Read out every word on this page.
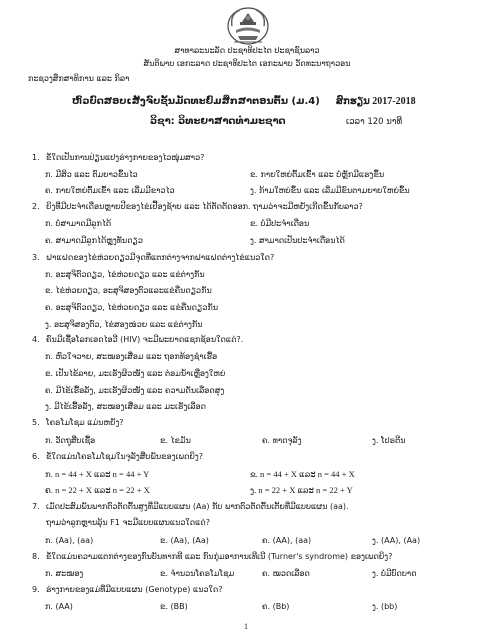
ສາທາລະນະລັດ ປະຊາທິປະໄຕ ປະຊາຊົນລາວ
ສັນຕິພາບ ເອກະລາດ ປະຊາທິປະໄຕ ເອກະພາບ ວັດທະນາຖາວອນ
ກະຊວງສຶກສາທິການ ແລະ ກິລາ
ຫົວບົດສອບເສັງຈົບຊັ້ນມັດທະຍົມສຶກສາຕອນຕົ້ນ (ມ.4) ສົກຮຽນ 2017-2018
ວິຊາ: ວິທະຍາສາດທຳມະຊາດ	ເວລາ 120 ນາທີ
1. ຂໍ້ໃດເປັນການປ່ຽນແປງຮ່າງກາຍຂອງໄວໜຸ່ມສາວ?
ກ. ມີສິວ ແລະ ຕົມຍາວຂຶ້ນໄວ	ຂ. ກາຍໃຫຍ່ຕົ້ມເຂົ້າ ແລະ ບໍ່ຫຼັກມີແຮງຂຶ້ນ
ຄ. ກາຍໃຫຍ່ຕົ້ມເຂົ້າ ແລະ ເລີ່ມມີຂາວໄວ	ງ. ກ້າມໃຫຍ່ຂຶ້ນ ແລະ ເລີ່ມມີຂົນຕາມຍາຍໃຫຍ່ຂຶ້ນ
2. ຍິງທີ່ມີປະຈຳເດືອນຫຼາຍປີຂອງໄຂ່ເປື້ອງຊ້າຍ ແລະ ໄດ້ຕັດຕັດອອກ. ຖາມວ່າຈະມີຫຍັງເກີດຂຶ້ນກັບລາວ?
ກ. ບໍ່ສາມາດມີລູກໄດ້	ຂ. ບໍ່ມີປະຈຳເດືອນ
ຄ. ສາມາດມີລູກໄດ້ຫຼຸງທັນດຽວ	ງ. ສາມາດເປັນປະຈຳເດືອນໄດ້
3. ຝາແຝດຂອງໄຂ່ຫ່ວຍດຽວມີຈຸດທີ່ແຕກຕ່າງຈາກຝາແຝດຕ່າງໄຂ່ແນວໃດ?
ກ. ອະສຸຈິຕົວດຽວ, ໄຂ່ຫ່ວຍດຽວ ແລະ ແຂ່ຕ່າງກັນ
ຂ. ໄຂ່ຫ່ວຍດຽວ, ອະສຸຈິສອງຕົວແລະແຂ່ຄືນດຽວກັນ
ຄ. ອະສຸຈິຕົວດຽວ, ໄຂ່ຫ່ວຍດຽວ ແລະ ແຂ່ຄືນດຽວກັນ
ງ. ອະສຸຈິສອງຕົວ, ໄຂ່ສອງໜ່ວຍ ແລະ ແຂ່ຕ່າງກັນ
4. ຄົນມີເຊື້ອໂລກເອດໄອວີ (HIV) ຈະມີພະຍາດແຊກຊ້ອນໃດແດ່?.
ກ. ຫົວໃຈວາຍ, ສະໝອງເສື່ອມ ແລະ ຖອກທ້ອງຊຳເຮື້ອ
ຂ. ເປັນໄຂ້ລາຍ, ມະເຮັງຜິວໜັງ ແລະ ຕ່ອມນ້ຳເຫຼືອງໃຫຍ່
ຄ. ມີໄຂ້ເຮື້ອລັງ, ມະເຮັງຜິວໜັງ ແລະ ຄວາມດັນເລືອດສູງ
ງ. ມີໄຂ້ເຮື້ອລັງ, ສະໝອງເສື່ອມ ແລະ ມະເຮັງເລືອດ
5. ໂຄຣໂມໂຊມ ແມ່ນຫຍັງ?
ກ. ວັດຖຸສືບເຊື້ອ	ຂ. ໄຂມັນ	ຄ. ທາດຈຸລັງ	ງ. ໂປຣຕີນ
6. ຂໍ້ໃດແມ່ນໂຄຣໂມໂຊມໃນຈຸລັງສືບພັນຂອງເພດຍິງ?
ກ. n = 44 + X ແລະ n = 44 + Y	ຂ. n = 44 + X ແລະ n = 44 + X
ຄ. n = 22 + X ແລະ n = 22 + X	ງ. n = 22 + X ແລະ n = 22 + Y
7. ເມັດປະສົມພັນພາກຕົວຕັດຕົ້ນສູງທີ່ມີແບບແຜນ (Aa) ກັບ ພາກຕົວຕັດຕົ້ນເຕັ້ຍທີ່ມີແບບແຜນ (aa).
ຖາມວ່າລູກຫຼານລຸ້ນ F1 ຈະມີແບບແຜນແນວໃດແດ່?
ກ. (Aa), (aa)	ຂ. (Aa), (Aa)	ຄ. (AA), (aa)	ງ. (AA), (Aa)
8. ຂໍ້ໃດແມ່ນຄວາມແຕກຕ່າງຂອງກົນບັນທາກທີ ແລະ ກົນກຸ່ມອາການເທີເນີ (Turner's syndrome) ຂອງເພດຍິງ?
ກ. ສະໝອງ	ຂ. ຈຳນວນໂຄຣໂມໂຊມ	ຄ. ໝວດເລືອດ	ງ. ບໍ່ມີບົດບາດ
9. ຮ່າງກາຍຂອງແມ່ທີ່ມີແບບແຜນ (Genotype) ແນວໃດ?
ກ. (AA)	ຂ. (BB)	ຄ. (Bb)	ງ. (bb)
1
